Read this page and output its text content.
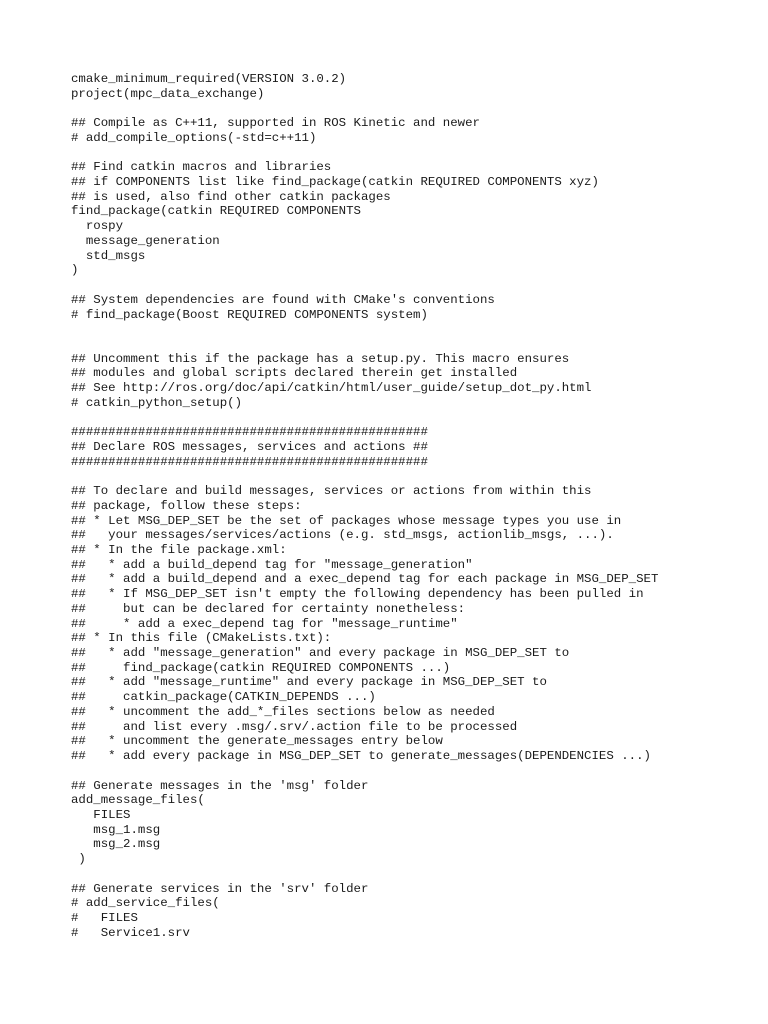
cmake_minimum_required(VERSION 3.0.2)
project(mpc_data_exchange)
## Compile as C++11, supported in ROS Kinetic and newer
# add_compile_options(-std=c++11)
## Find catkin macros and libraries
## if COMPONENTS list like find_package(catkin REQUIRED COMPONENTS xyz)
## is used, also find other catkin packages
find_package(catkin REQUIRED COMPONENTS
rospy
message_generation
std_msgs
)
## System dependencies are found with CMake's conventions
# find_package(Boost REQUIRED COMPONENTS system)
## Uncomment this if the package has a setup.py. This macro ensures
## modules and global scripts declared therein get installed
## See http://ros.org/doc/api/catkin/html/user_guide/setup_dot_py.html
# catkin_python_setup()
################################################
## Declare ROS messages, services and actions ##
################################################
## To declare and build messages, services or actions from within this
## package, follow these steps:
## * Let MSG_DEP_SET be the set of packages whose message types you use in
##   your messages/services/actions (e.g. std_msgs, actionlib_msgs, ...).
## * In the file package.xml:
##   * add a build_depend tag for "message_generation"
##   * add a build_depend and a exec_depend tag for each package in MSG_DEP_SET
##   * If MSG_DEP_SET isn't empty the following dependency has been pulled in
##     but can be declared for certainty nonetheless:
##     * add a exec_depend tag for "message_runtime"
## * In this file (CMakeLists.txt):
##   * add "message_generation" and every package in MSG_DEP_SET to
##     find_package(catkin REQUIRED COMPONENTS ...)
##   * add "message_runtime" and every package in MSG_DEP_SET to
##     catkin_package(CATKIN_DEPENDS ...)
##   * uncomment the add_*_files sections below as needed
##     and list every .msg/.srv/.action file to be processed
##   * uncomment the generate_messages entry below
##   * add every package in MSG_DEP_SET to generate_messages(DEPENDENCIES ...)
## Generate messages in the 'msg' folder
add_message_files(
FILES
msg_1.msg
msg_2.msg
)
## Generate services in the 'srv' folder
# add_service_files(
#   FILES
#   Service1.srv
